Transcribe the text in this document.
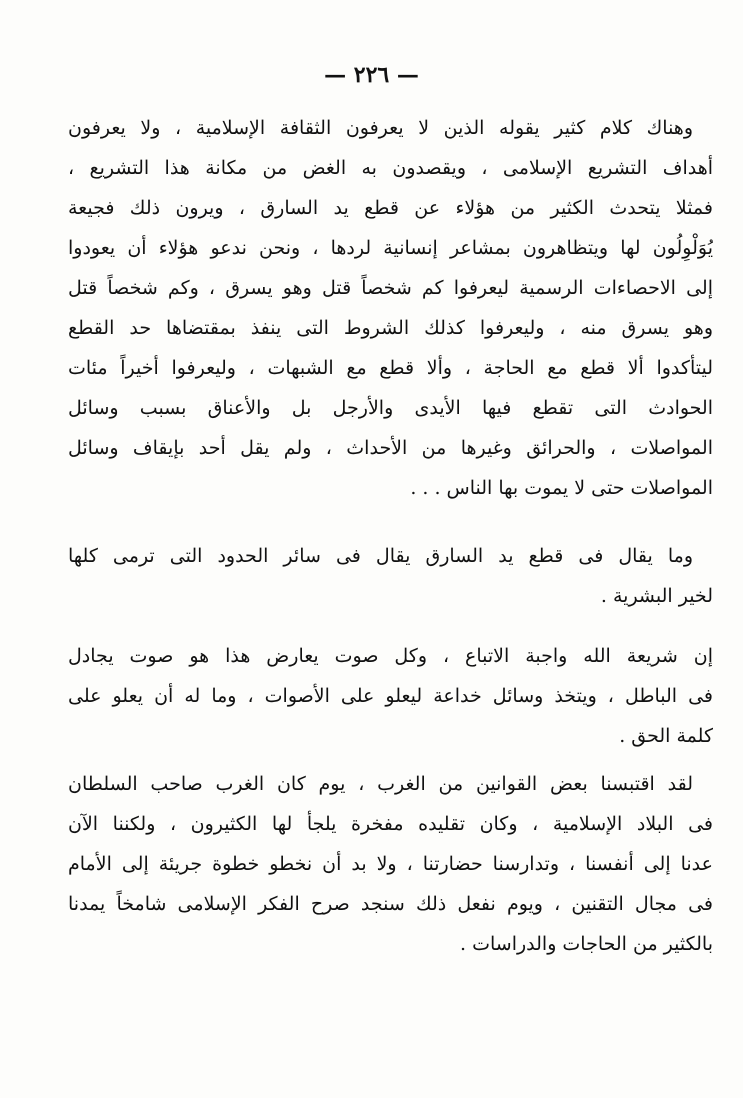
— ٢٢٦ —
وهناك كلام كثير يقوله الذين لا يعرفون الثقافة الإسلامية ، ولا يعرفون
أهداف التشريع الإسلامى ، ويقصدون به الغض من مكانة هذا التشريع ،
فمثلا يتحدث الكثير من هؤلاء عن قطع يد السارق ، ويرون ذلك فجيعة
يُوَلْوِلُون لها ويتظاهرون بمشاعر إنسانية لردها ، ونحن ندعو هؤلاء أن يعودوا
إلى الاحصاءات الرسمية ليعرفوا كم شخصاً قتل وهو يسرق ، وكم شخصاً قتل
وهو يسرق منه ، وليعرفوا كذلك الشروط التى ينفذ بمقتضاها حد القطع
ليتأكدوا ألا قطع مع الحاجة ، وألا قطع مع الشبهات ، وليعرفوا أخيراً مئات
الحوادث التى تقطع فيها الأيدى والأرجل بل والأعناق بسبب وسائل
المواصلات ، والحرائق وغيرها من الأحداث ، ولم يقل أحد بإيقاف وسائل
المواصلات حتى لا يموت بها الناس . . .
وما يقال فى قطع يد السارق يقال فى سائر الحدود التى ترمى كلها
لخير البشرية .
إن شريعة الله واجبة الاتباع ، وكل صوت يعارض هذا هو صوت يجادل
فى الباطل ، ويتخذ وسائل خداعة ليعلو على الأصوات ، وما له أن يعلو على
كلمة الحق .
لقد اقتبسنا بعض القوانين من الغرب ، يوم كان الغرب صاحب السلطان
فى البلاد الإسلامية ، وكان تقليده مفخرة يلجأ لها الكثيرون ، ولكننا الآن
عدنا إلى أنفسنا ، وتدارسنا حضارتنا ، ولا بد أن نخطو خطوة جريئة إلى الأمام
فى مجال التقنين ، ويوم نفعل ذلك سنجد صرح الفكر الإسلامى شامخاً يمدنا
بالكثير من الحاجات والدراسات .
